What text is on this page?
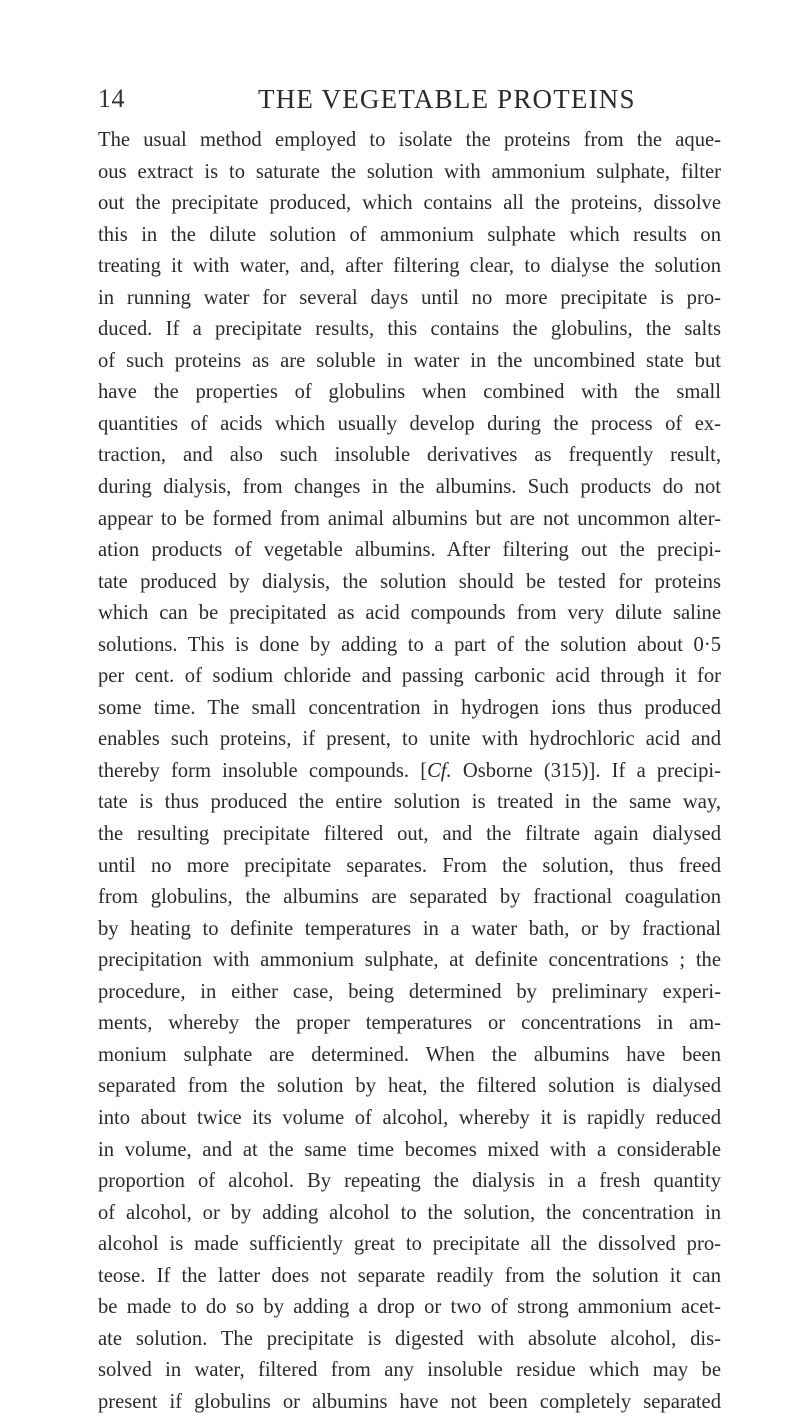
14	THE VEGETABLE PROTEINS
The usual method employed to isolate the proteins from the aque-
ous extract is to saturate the solution with ammonium sulphate, filter
out the precipitate produced, which contains all the proteins, dissolve
this in the dilute solution of ammonium sulphate which results on
treating it with water, and, after filtering clear, to dialyse the solution
in running water for several days until no more precipitate is pro-
duced. If a precipitate results, this contains the globulins, the salts
of such proteins as are soluble in water in the uncombined state but
have the properties of globulins when combined with the small
quantities of acids which usually develop during the process of ex-
traction, and also such insoluble derivatives as frequently result,
during dialysis, from changes in the albumins. Such products do not
appear to be formed from animal albumins but are not uncommon alter-
ation products of vegetable albumins. After filtering out the precipi-
tate produced by dialysis, the solution should be tested for proteins
which can be precipitated as acid compounds from very dilute saline
solutions. This is done by adding to a part of the solution about 0·5
per cent. of sodium chloride and passing carbonic acid through it for
some time. The small concentration in hydrogen ions thus produced
enables such proteins, if present, to unite with hydrochloric acid and
thereby form insoluble compounds. [Cf. Osborne (315)]. If a precipi-
tate is thus produced the entire solution is treated in the same way,
the resulting precipitate filtered out, and the filtrate again dialysed
until no more precipitate separates. From the solution, thus freed
from globulins, the albumins are separated by fractional coagulation
by heating to definite temperatures in a water bath, or by fractional
precipitation with ammonium sulphate, at definite concentrations ; the
procedure, in either case, being determined by preliminary experi-
ments, whereby the proper temperatures or concentrations in am-
monium sulphate are determined. When the albumins have been
separated from the solution by heat, the filtered solution is dialysed
into about twice its volume of alcohol, whereby it is rapidly reduced
in volume, and at the same time becomes mixed with a considerable
proportion of alcohol. By repeating the dialysis in a fresh quantity
of alcohol, or by adding alcohol to the solution, the concentration in
alcohol is made sufficiently great to precipitate all the dissolved pro-
teose. If the latter does not separate readily from the solution it can
be made to do so by adding a drop or two of strong ammonium acet-
ate solution. The precipitate is digested with absolute alcohol, dis-
solved in water, filtered from any insoluble residue which may be
present if globulins or albumins have not been completely separated
